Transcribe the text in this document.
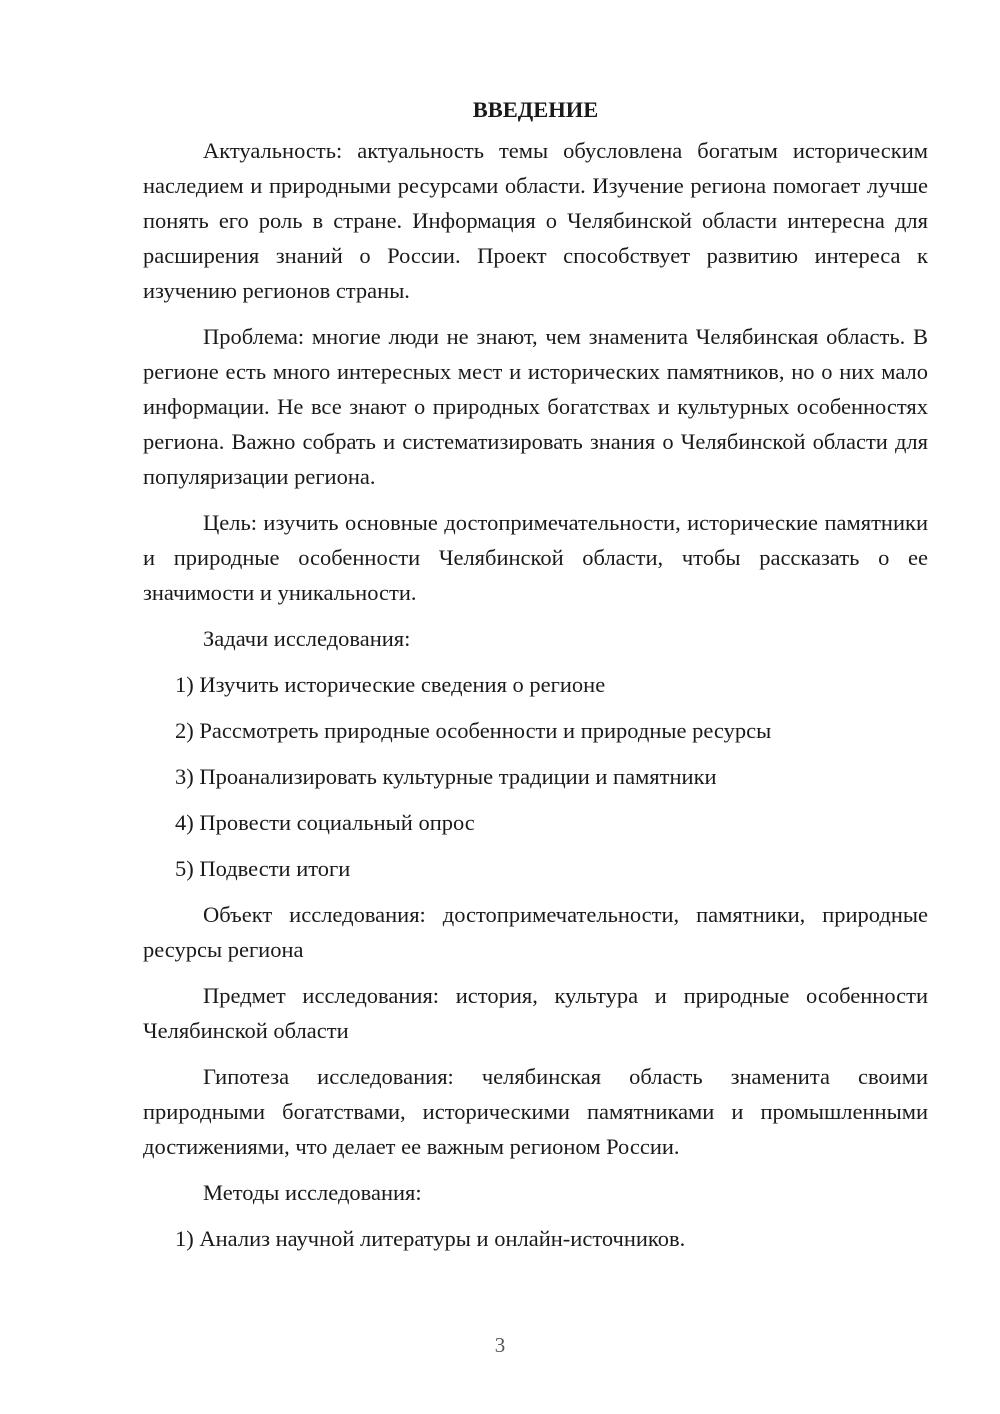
ВВЕДЕНИЕ

Актуальность: актуальность темы обусловлена богатым историческим наследием и природными ресурсами области. Изучение региона помогает лучше понять его роль в стране. Информация о Челябинской области интересна для расширения знаний о России. Проект способствует развитию интереса к изучению регионов страны.

Проблема: многие люди не знают, чем знаменита Челябинская область. В регионе есть много интересных мест и исторических памятников, но о них мало информации. Не все знают о природных богатствах и культурных особенностях региона. Важно собрать и систематизировать знания о Челябинской области для популяризации региона.

Цель: изучить основные достопримечательности, исторические памятники и природные особенности Челябинской области, чтобы рассказать о ее значимости и уникальности.

Задачи исследования:

1) Изучить исторические сведения о регионе
2) Рассмотреть природные особенности и природные ресурсы
3) Проанализировать культурные традиции и памятники
4) Провести социальный опрос
5) Подвести итоги

Объект исследования: достопримечательности, памятники, природные ресурсы региона

Предмет исследования: история, культура и природные особенности Челябинской области

Гипотеза исследования: челябинская область знаменита своими природными богатствами, историческими памятниками и промышленными достижениями, что делает ее важным регионом России.

Методы исследования:

1) Анализ научной литературы и онлайн-источников.
3
